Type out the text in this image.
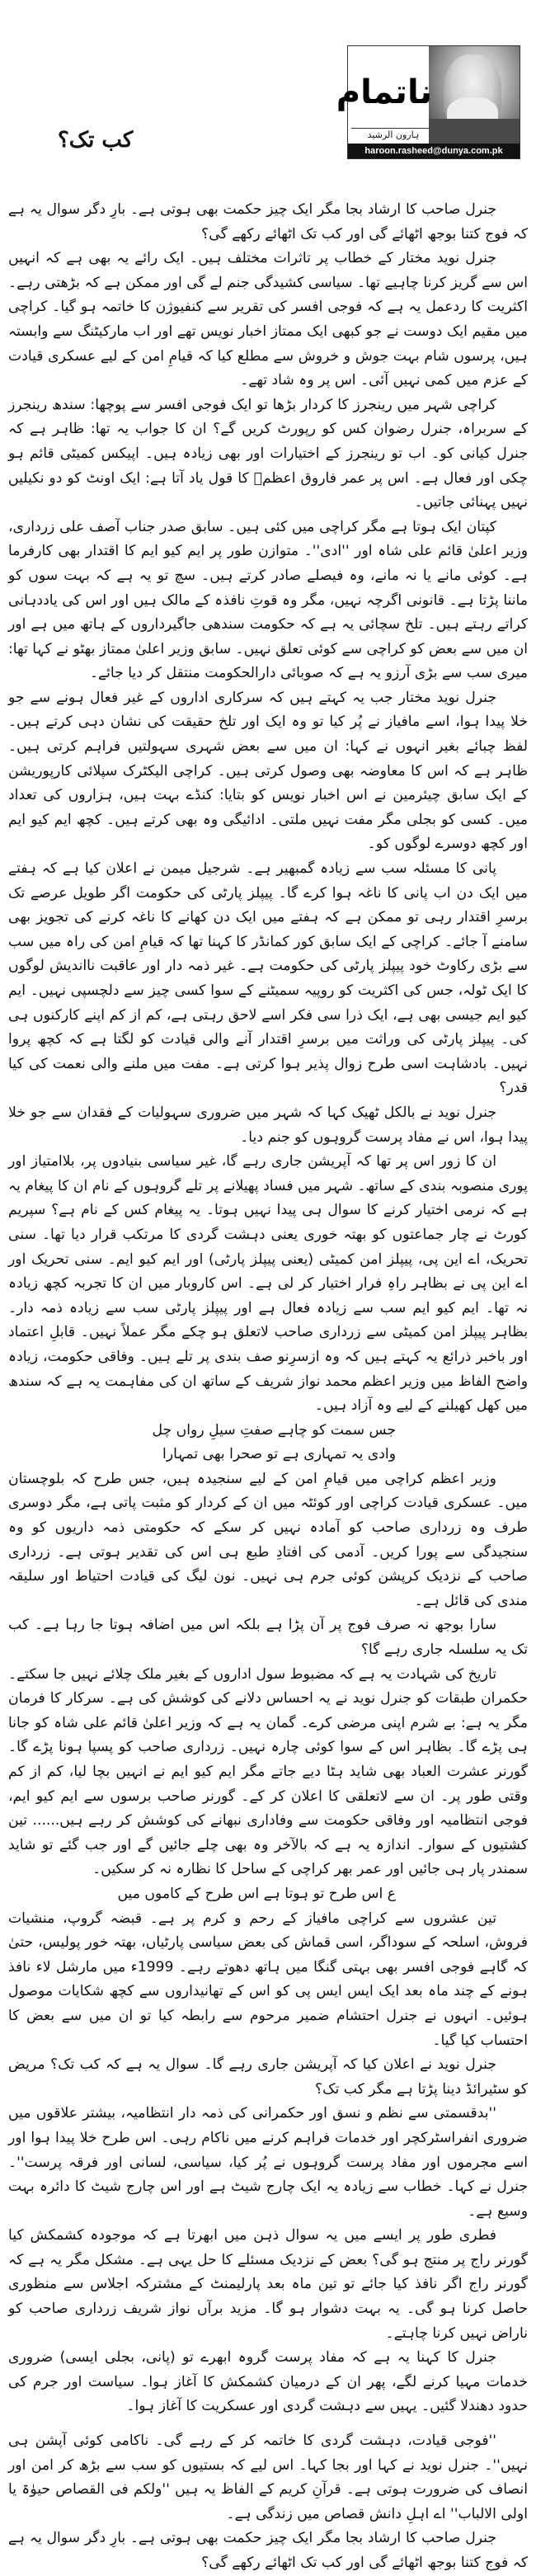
ناتمام
ہارون الرشید
haroon.rasheed@dunya.com.pk
کب تک؟

جنرل صاحب کا ارشاد بجا مگر ایک چیز حکمت بھی ہوتی ہے۔ بارِ دگر سوال یہ ہے کہ فوج کتنا بوجھ اٹھائے گی اور کب تک اٹھائے رکھے گی؟

جنرل نوید مختار کے خطاب پر تاثرات مختلف ہیں۔ ایک رائے یہ بھی ہے کہ انہیں اس سے گریز کرنا چاہیے تھا۔ سیاسی کشیدگی جنم لے گی اور ممکن ہے کہ بڑھتی رہے۔ اکثریت کا ردعمل یہ ہے کہ فوجی افسر کی تقریر سے کنفیوژن کا خاتمہ ہو گیا۔ کراچی میں مقیم ایک دوست نے جو کبھی ایک ممتاز اخبار نویس تھے اور اب مارکیٹنگ سے وابستہ ہیں، پرسوں شام بہت جوش و خروش سے مطلع کیا کہ قیامِ امن کے لیے عسکری قیادت کے عزم میں کمی نہیں آئی۔ اس پر وہ شاد تھے۔

کراچی شہر میں رینجرز کا کردار بڑھا تو ایک فوجی افسر سے پوچھا: سندھ رینجرز کے سربراہ، جنرل رضوان کس کو رپورٹ کریں گے؟ ان کا جواب یہ تھا: ظاہر ہے کہ جنرل کیانی کو۔ اب تو رینجرز کے اختیارات اور بھی زیادہ ہیں۔ اپیکس کمیٹی قائم ہو چکی اور فعال ہے۔ اس پر عمر فاروق اعظمؓ کا قول یاد آتا ہے: ایک اونٹ کو دو نکیلیں نہیں پہنائی جاتیں۔

کپتان ایک ہوتا ہے مگر کراچی میں کئی ہیں۔ سابق صدر جناب آصف علی زرداری، وزیر اعلیٰ قائم علی شاہ اور ''ادی''۔ متوازن طور پر ایم کیو ایم کا اقتدار بھی کارفرما ہے۔ کوئی مانے یا نہ مانے، وہ فیصلے صادر کرتے ہیں۔ سچ تو یہ ہے کہ بہت سوں کو ماننا پڑتا ہے۔ قانونی اگرچہ نہیں، مگر وہ قوتِ نافذہ کے مالک ہیں اور اس کی یاددہانی کراتے رہتے ہیں۔ تلخ سچائی یہ ہے کہ حکومت سندھی جاگیرداروں کے ہاتھ میں ہے اور ان میں سے بعض کو کراچی سے کوئی تعلق نہیں۔ سابق وزیر اعلیٰ ممتاز بھٹو نے کہا تھا: میری سب سے بڑی آرزو یہ ہے کہ صوبائی دارالحکومت منتقل کر دیا جائے۔

جنرل نوید مختار جب یہ کہتے ہیں کہ سرکاری اداروں کے غیر فعال ہونے سے جو خلا پیدا ہوا، اسے مافیاز نے پُر کیا تو وہ ایک اور تلخ حقیقت کی نشان دہی کرتے ہیں۔ لفظ چبائے بغیر انہوں نے کہا: ان میں سے بعض شہری سہولتیں فراہم کرتی ہیں۔ ظاہر ہے کہ اس کا معاوضہ بھی وصول کرتی ہیں۔ کراچی الیکٹرک سپلائی کارپوریشن کے ایک سابق چیئرمین نے اس اخبار نویس کو بتایا: کنڈے بہت ہیں، ہزاروں کی تعداد میں۔ کسی کو بجلی مگر مفت نہیں ملتی۔ ادائیگی وہ بھی کرتے ہیں۔ کچھ ایم کیو ایم اور کچھ دوسرے لوگوں کو۔

پانی کا مسئلہ سب سے زیادہ گمبھیر ہے۔ شرجیل میمن نے اعلان کیا ہے کہ ہفتے میں ایک دن اب پانی کا ناغہ ہوا کرے گا۔ پیپلز پارٹی کی حکومت اگر طویل عرصے تک برسرِ اقتدار رہی تو ممکن ہے کہ ہفتے میں ایک دن کھانے کا ناغہ کرنے کی تجویز بھی سامنے آ جائے۔ کراچی کے ایک سابق کور کمانڈر کا کہنا تھا کہ قیامِ امن کی راہ میں سب سے بڑی رکاوٹ خود پیپلز پارٹی کی حکومت ہے۔ غیر ذمہ دار اور عاقبت نااندیش لوگوں کا ایک ٹولہ، جس کی اکثریت کو روپیہ سمیٹنے کے سوا کسی چیز سے دلچسپی نہیں۔ ایم کیو ایم جیسی بھی ہے، ایک ذرا سی فکر اسے لاحق رہتی ہے، کم از کم اپنے کارکنوں ہی کی۔ پیپلز پارٹی کی وراثت میں برسرِ اقتدار آنے والی قیادت کو لگتا ہے کہ کچھ پروا نہیں۔ بادشاہت اسی طرح زوال پذیر ہوا کرتی ہے۔ مفت میں ملنے والی نعمت کی کیا قدر؟

جنرل نوید نے بالکل ٹھیک کہا کہ شہر میں ضروری سہولیات کے فقدان سے جو خلا پیدا ہوا، اس نے مفاد پرست گروہوں کو جنم دیا۔

ان کا زور اس پر تھا کہ آپریشن جاری رہے گا، غیر سیاسی بنیادوں پر، بلاامتیاز اور پوری منصوبہ بندی کے ساتھ۔ شہر میں فساد پھیلانے پر تلے گروہوں کے نام ان کا پیغام یہ ہے کہ نرمی اختیار کرنے کا سوال ہی پیدا نہیں ہوتا۔ یہ پیغام کس کے نام ہے؟ سپریم کورٹ نے چار جماعتوں کو بھتہ خوری یعنی دہشت گردی کا مرتکب قرار دیا تھا۔ سنی تحریک، اے این پی، پیپلز امن کمیٹی (یعنی پیپلز پارٹی) اور ایم کیو ایم۔ سنی تحریک اور اے این پی نے بظاہر راہِ فرار اختیار کر لی ہے۔ اس کاروبار میں ان کا تجربہ کچھ زیادہ نہ تھا۔ ایم کیو ایم سب سے زیادہ فعال ہے اور پیپلز پارٹی سب سے زیادہ ذمہ دار۔ بظاہر پیپلز امن کمیٹی سے زرداری صاحب لاتعلق ہو چکے مگر عملاً نہیں۔ قابلِ اعتماد اور باخبر ذرائع یہ کہتے ہیں کہ وہ ازسرِنو صف بندی پر تلے ہیں۔ وفاقی حکومت، زیادہ واضح الفاظ میں وزیر اعظم محمد نواز شریف کے ساتھ ان کی مفاہمت یہ ہے کہ سندھ میں کھل کھیلنے کے لیے وہ آزاد ہیں۔

جس سمت کو چاہے صفتِ سیلِ رواں چل

وادی یہ تمہاری ہے تو صحرا بھی تمہارا

وزیر اعظم کراچی میں قیامِ امن کے لیے سنجیدہ ہیں، جس طرح کہ بلوچستان میں۔ عسکری قیادت کراچی اور کوئٹہ میں ان کے کردار کو مثبت پاتی ہے، مگر دوسری طرف وہ زرداری صاحب کو آمادہ نہیں کر سکے کہ حکومتی ذمہ داریوں کو وہ سنجیدگی سے پورا کریں۔ آدمی کی افتادِ طبع ہی اس کی تقدیر ہوتی ہے۔ زرداری صاحب کے نزدیک کرپشن کوئی جرم ہی نہیں۔ نون لیگ کی قیادت احتیاط اور سلیقہ مندی کی قائل ہے۔

سارا بوجھ نہ صرف فوج پر آن پڑا ہے بلکہ اس میں اضافہ ہوتا جا رہا ہے۔ کب تک یہ سلسلہ جاری رہے گا؟

تاریخ کی شہادت یہ ہے کہ مضبوط سول اداروں کے بغیر ملک چلائے نہیں جا سکتے۔ حکمران طبقات کو جنرل نوید نے یہ احساس دلانے کی کوشش کی ہے۔ سرکار کا فرمان مگر یہ ہے: بے شرم اپنی مرضی کرے۔ گمان یہ ہے کہ وزیر اعلیٰ قائم علی شاہ کو جانا ہی پڑے گا۔ بظاہر اس کے سوا کوئی چارہ نہیں۔ زرداری صاحب کو پسپا ہونا پڑے گا۔ گورنر عشرت العباد بھی شاید ہٹا دیے جاتے مگر ایم کیو ایم نے انہیں بچا لیا، کم از کم وقتی طور پر۔ ان سے لاتعلقی کا اعلان کر کے۔ گورنر صاحب برسوں سے ایم کیو ایم، فوجی انتظامیہ اور وفاقی حکومت سے وفاداری نبھانے کی کوشش کر رہے ہیں...... تین کشتیوں کے سوار۔ اندازہ یہ ہے کہ بالآخر وہ بھی چلے جائیں گے اور جب گئے تو شاید سمندر پار ہی جائیں اور عمر بھر کراچی کے ساحل کا نظارہ نہ کر سکیں۔

ع اس طرح تو ہوتا ہے اس طرح کے کاموں میں

تین عشروں سے کراچی مافیاز کے رحم و کرم پر ہے۔ قبضہ گروپ، منشیات فروش، اسلحہ کے سوداگر، اسی قماش کی بعض سیاسی پارٹیاں، بھتہ خور پولیس، حتیٰ کہ گاہے فوجی افسر بھی بہتی گنگا میں ہاتھ دھوتے رہے۔ 1999ء میں مارشل لاء نافذ ہونے کے چند ماہ بعد ایک ایس ایس پی کو اس کے تھانیداروں سے کچھ شکایات موصول ہوئیں۔ انہوں نے جنرل احتشام ضمیر مرحوم سے رابطہ کیا تو ان میں سے بعض کا احتساب کیا گیا۔

جنرل نوید نے اعلان کیا کہ آپریشن جاری رہے گا۔ سوال یہ ہے کہ کب تک؟ مریض کو سٹیرائڈ دینا پڑتا ہے مگر کب تک؟

''بدقسمتی سے نظم و نسق اور حکمرانی کی ذمہ دار انتظامیہ، بیشتر علاقوں میں ضروری انفراسٹرکچر اور خدمات فراہم کرنے میں ناکام رہی۔ اس طرح خلا پیدا ہوا اور اسے مجرموں اور مفاد پرست گروہوں نے پُر کیا، سیاسی، لسانی اور فرقہ پرست''۔ جنرل نے کہا۔ خطاب سے زیادہ یہ ایک چارج شیٹ ہے اور اس چارج شیٹ کا دائرہ بہت وسیع ہے۔

فطری طور پر ایسے میں یہ سوال ذہن میں ابھرتا ہے کہ موجودہ کشمکش کیا گورنر راج پر منتج ہو گی؟ بعض کے نزدیک مسئلے کا حل یہی ہے۔ مشکل مگر یہ ہے کہ گورنر راج اگر نافذ کیا جائے تو تین ماہ بعد پارلیمنٹ کے مشترکہ اجلاس سے منظوری حاصل کرنا ہو گی۔ یہ بہت دشوار ہو گا۔ مزید برآں نواز شریف زرداری صاحب کو ناراض نہیں کرنا چاہتے۔

جنرل کا کہنا یہ ہے کہ مفاد پرست گروہ ابھرے تو (پانی، بجلی ایسی) ضروری خدمات مہیا کرنے لگے، پھر ان کے درمیان کشمکش کا آغاز ہوا۔ سیاست اور جرم کی حدود دھندلا گئیں۔ یہیں سے دہشت گردی اور عسکریت کا آغاز ہوا۔

''فوجی قیادت، دہشت گردی کا خاتمہ کر کے رہے گی۔ ناکامی کوئی آپشن ہی نہیں''۔ جنرل نوید نے کہا اور بجا کہا۔ اس لیے کہ بستیوں کو سب سے بڑھ کر امن اور انصاف کی ضرورت ہوتی ہے۔ قرآنِ کریم کے الفاظ یہ ہیں ''ولکم فی القصاص حیوٰۃ یا اولی الالباب'' اے اہلِ دانش قصاص میں زندگی ہے۔

جنرل صاحب کا ارشاد بجا مگر ایک چیز حکمت بھی ہوتی ہے۔ بارِ دگر سوال یہ ہے کہ فوج کتنا بوجھ اٹھائے گی اور کب تک اٹھائے رکھے گی؟
